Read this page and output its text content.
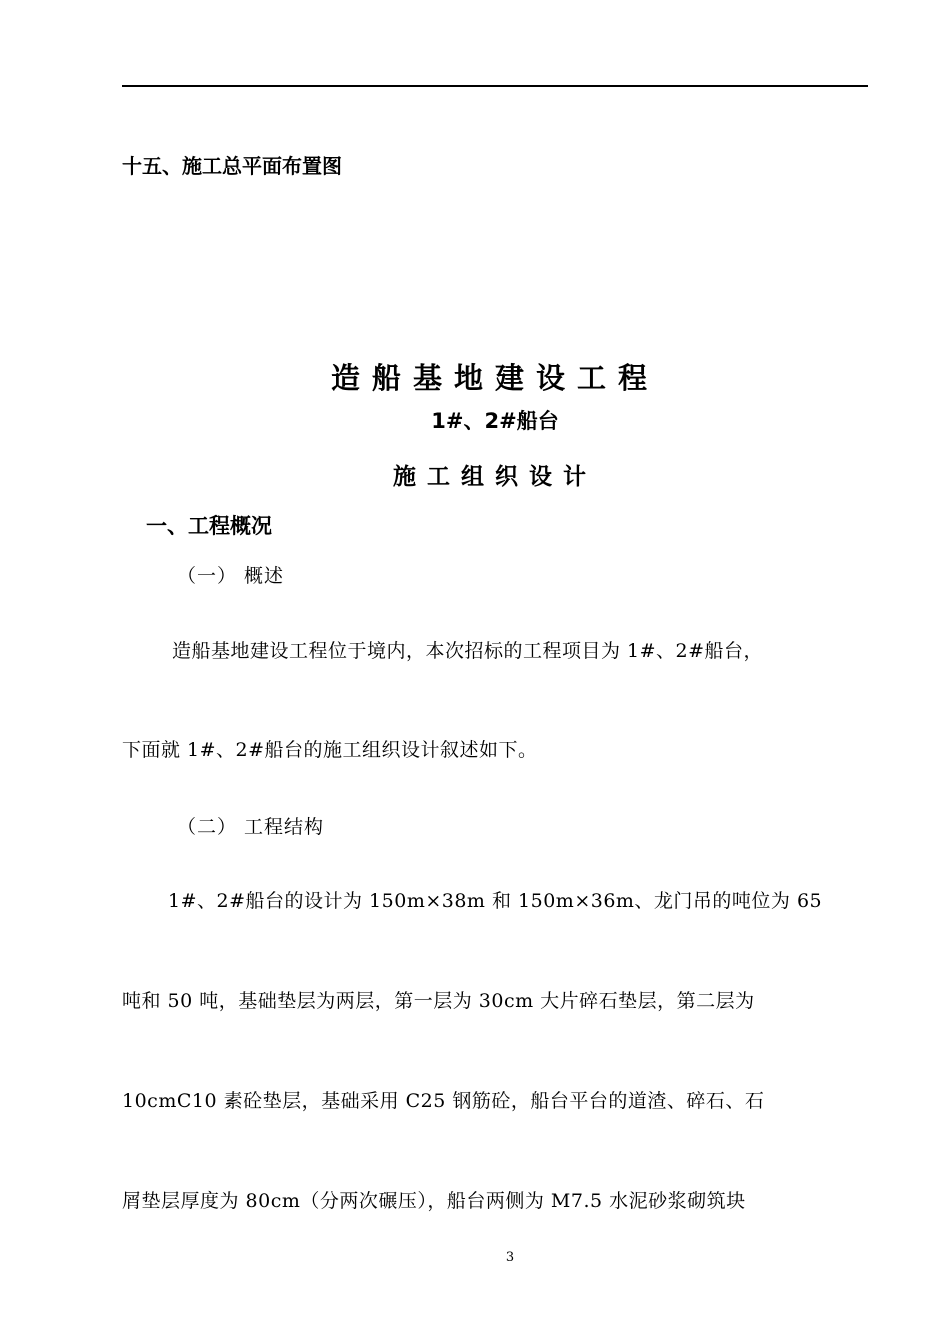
十五、施工总平面布置图
造船基地建设工程
1#、2#船台
施工组织设计
一、工程概况
（一） 概述
造船基地建设工程位于境内，本次招标的工程项目为 1#、2#船台，
下面就 1#、2#船台的施工组织设计叙述如下。
（二） 工程结构
1#、2#船台的设计为 150m×38m 和 150m×36m、龙门吊的吨位为 65
吨和 50 吨，基础垫层为两层，第一层为 30cm 大片碎石垫层，第二层为
10cmC10 素砼垫层，基础采用 C25 钢筋砼，船台平台的道渣、碎石、石
屑垫层厚度为 80cm（分两次碾压），船台两侧为 M7.5 水泥砂浆砌筑块
3
